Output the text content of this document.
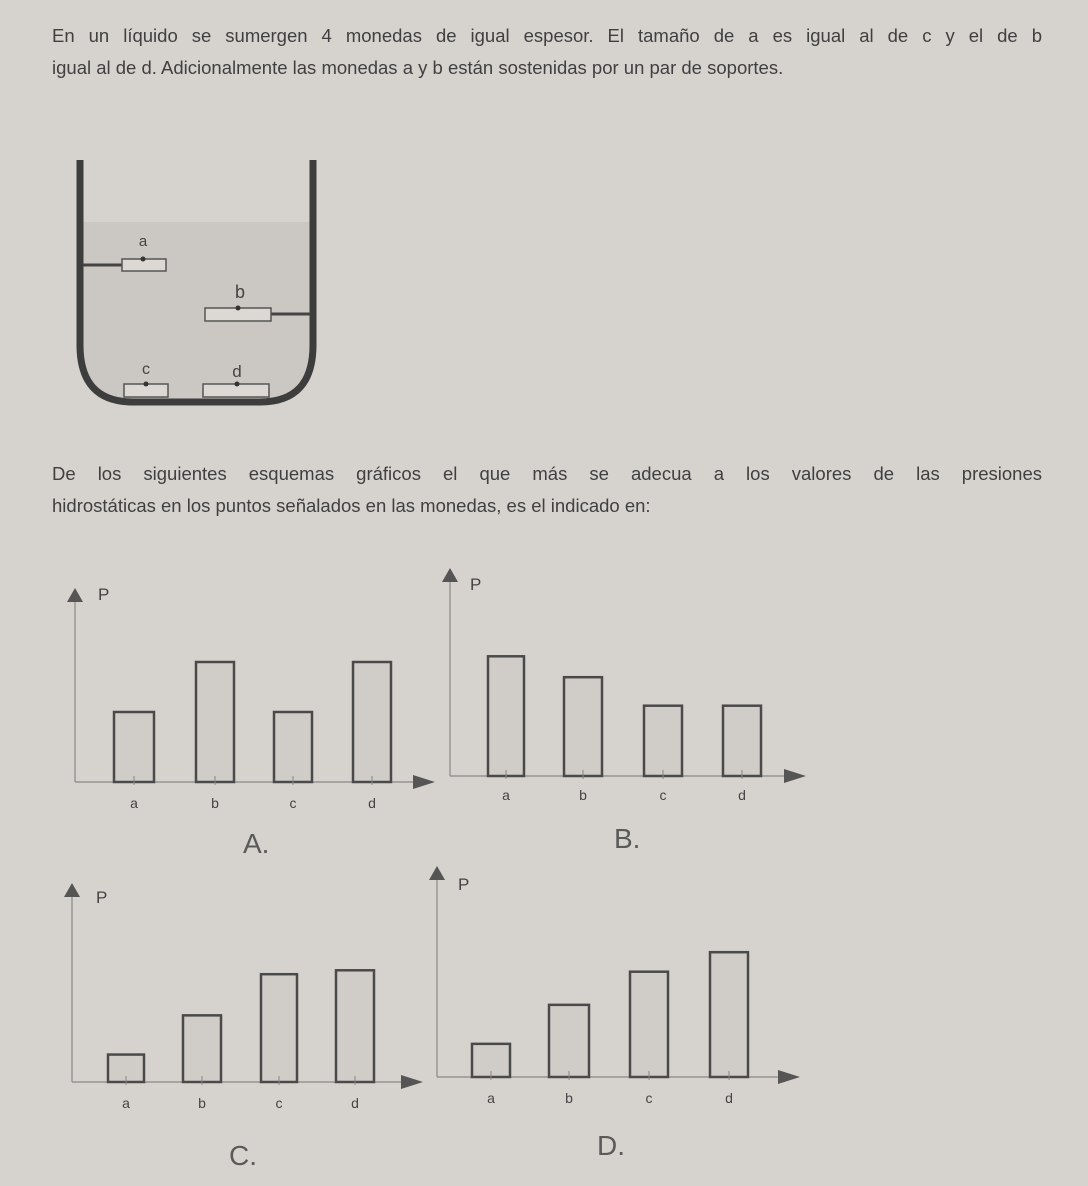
En un líquido se sumergen 4 monedas de igual espesor. El tamaño de a es igual al de c y el de b
igual al de d. Adicionalmente las monedas a y b están sostenidas por un par de soportes.
a
b
c	d
P
a	b	c	d
P
a	b	c	d
P
a	b	c	d
P
a	b	c	d
De los siguientes esquemas gráficos el que más se adecua a los valores de las presiones
hidrostáticas en los puntos señalados en las monedas, es el indicado en:
A.	B.
C.	D.
